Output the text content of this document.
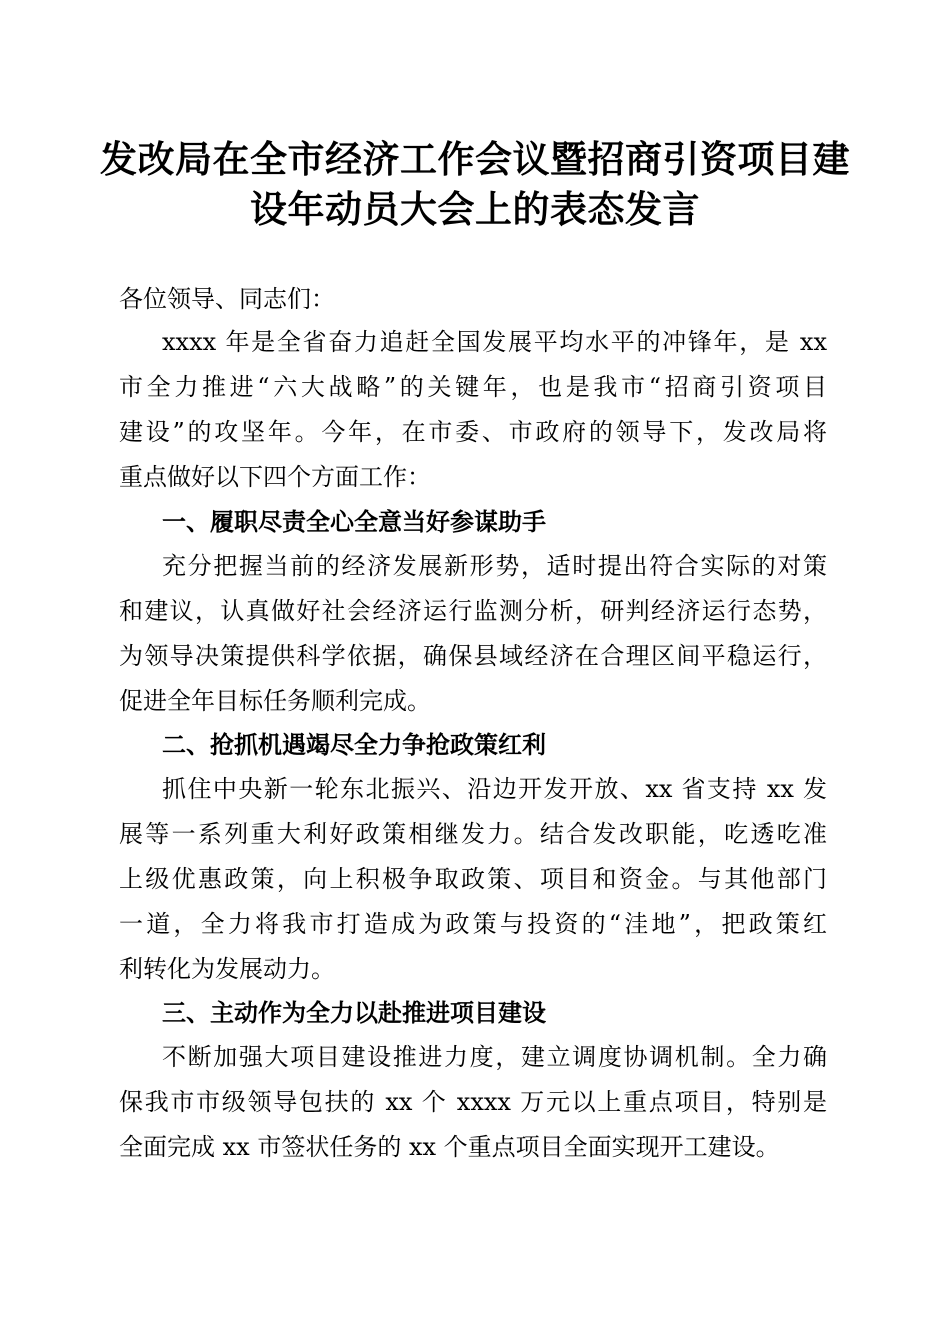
发改局在全市经济工作会议暨招商引资项目建
设年动员大会上的表态发言
各位领导、同志们：
xxxx 年是全省奋力追赶全国发展平均水平的冲锋年，是 xx
市全力推进“六大战略”的关键年，也是我市“招商引资项目
建设”的攻坚年。今年，在市委、市政府的领导下，发改局将
重点做好以下四个方面工作：
一、履职尽责全心全意当好参谋助手
充分把握当前的经济发展新形势，适时提出符合实际的对策
和建议，认真做好社会经济运行监测分析，研判经济运行态势，
为领导决策提供科学依据，确保县域经济在合理区间平稳运行，
促进全年目标任务顺利完成。
二、抢抓机遇竭尽全力争抢政策红利
抓住中央新一轮东北振兴、沿边开发开放、xx 省支持 xx 发
展等一系列重大利好政策相继发力。结合发改职能，吃透吃准
上级优惠政策，向上积极争取政策、项目和资金。与其他部门
一道，全力将我市打造成为政策与投资的“洼地”，把政策红
利转化为发展动力。
三、主动作为全力以赴推进项目建设
不断加强大项目建设推进力度，建立调度协调机制。全力确
保我市市级领导包扶的 xx 个 xxxx 万元以上重点项目，特别是
全面完成 xx 市签状任务的 xx 个重点项目全面实现开工建设。
